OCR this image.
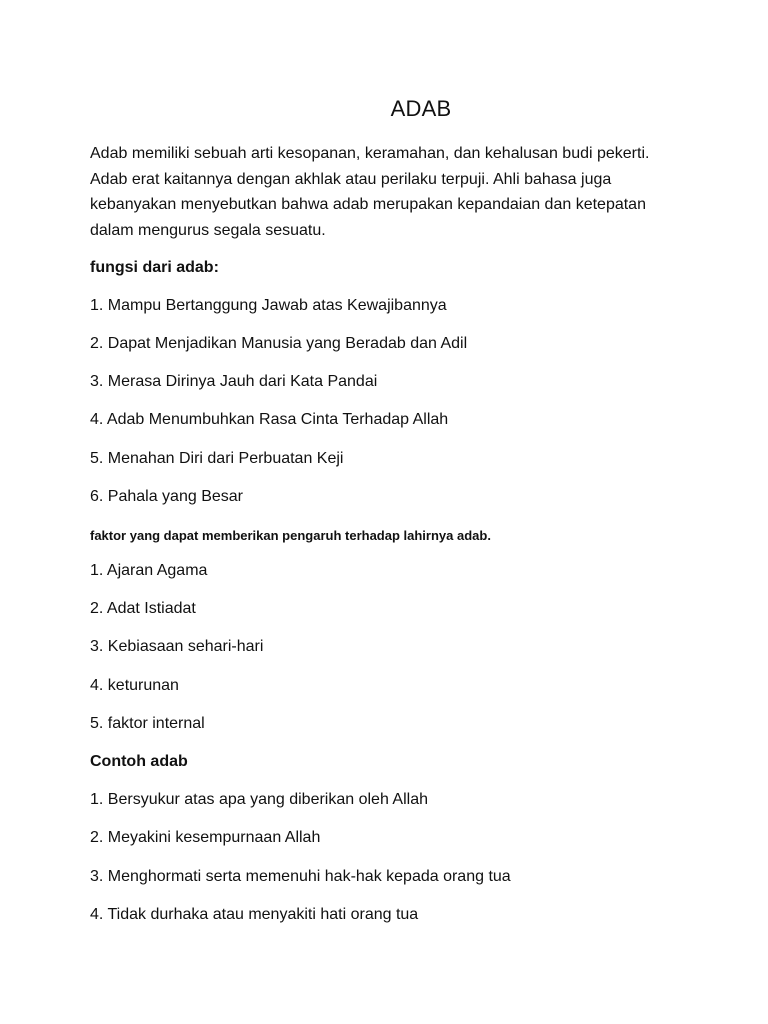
ADAB

Adab memiliki sebuah arti kesopanan, keramahan, dan kehalusan budi pekerti. Adab erat kaitannya dengan akhlak atau perilaku terpuji. Ahli bahasa juga kebanyakan menyebutkan bahwa adab merupakan kepandaian dan ketepatan dalam mengurus segala sesuatu.

fungsi dari adab:

1. Mampu Bertanggung Jawab atas Kewajibannya

2. Dapat Menjadikan Manusia yang Beradab dan Adil

3. Merasa Dirinya Jauh dari Kata Pandai

4. Adab Menumbuhkan Rasa Cinta Terhadap Allah

5. Menahan Diri dari Perbuatan Keji

6. Pahala yang Besar

faktor yang dapat memberikan pengaruh terhadap lahirnya adab.

1. Ajaran Agama

2. Adat Istiadat

3. Kebiasaan sehari-hari

4. keturunan

5. faktor internal

Contoh adab

1. Bersyukur atas apa yang diberikan oleh Allah

2. Meyakini kesempurnaan Allah

3. Menghormati serta memenuhi hak-hak kepada orang tua

4. Tidak durhaka atau menyakiti hati orang tua
